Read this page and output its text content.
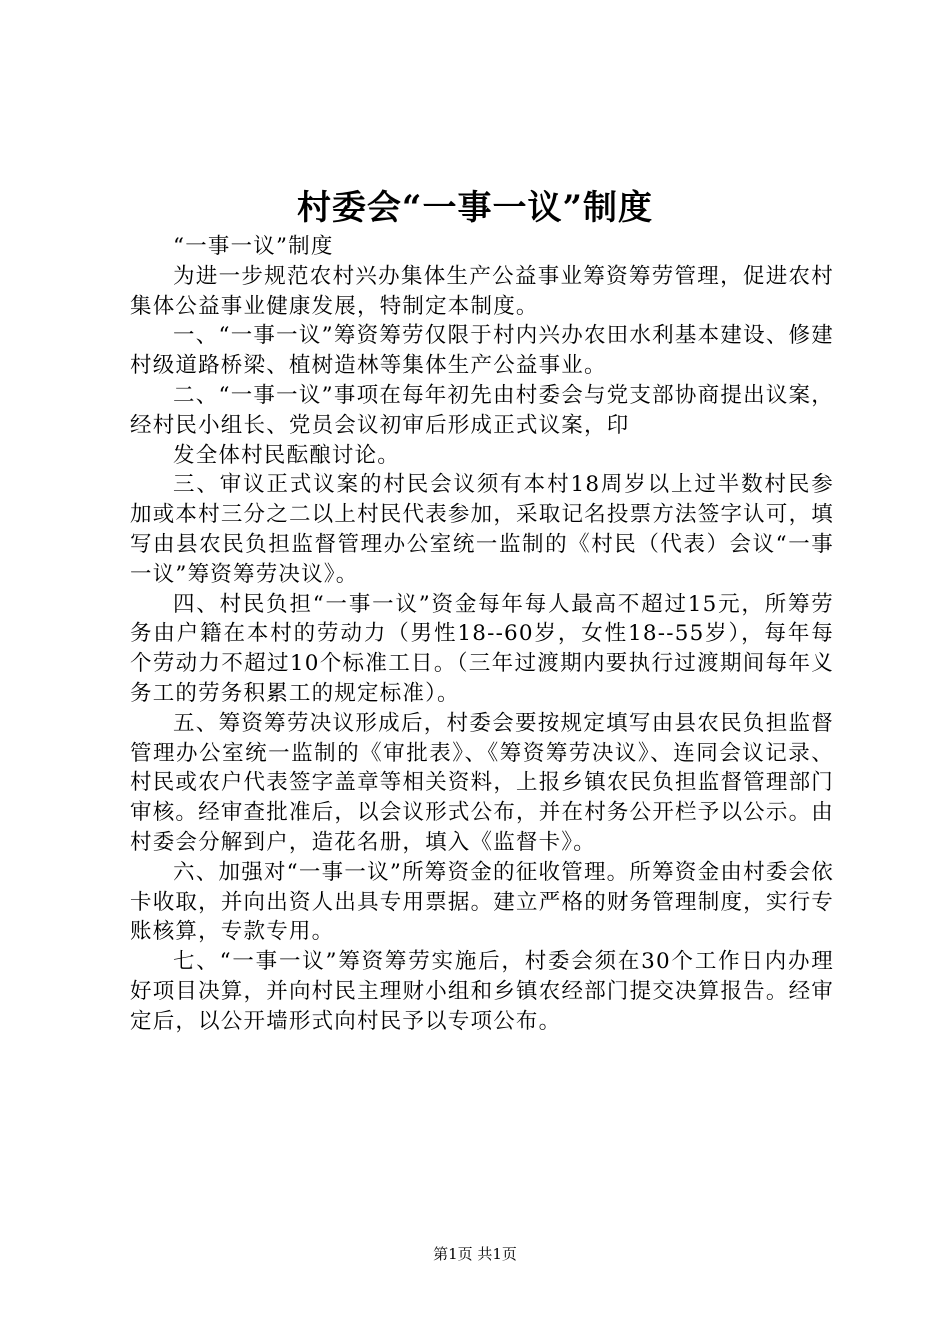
村委会“一事一议”制度

“一事一议”制度

为进一步规范农村兴办集体生产公益事业筹资筹劳管理，促进农村集体公益事业健康发展，特制定本制度。

一、“一事一议”筹资筹劳仅限于村内兴办农田水利基本建设、修建村级道路桥梁、植树造林等集体生产公益事业。

二、“一事一议”事项在每年初先由村委会与党支部协商提出议案，经村民小组长、党员会议初审后形成正式议案，印

发全体村民酝酿讨论。

三、审议正式议案的村民会议须有本村18周岁以上过半数村民参加或本村三分之二以上村民代表参加，采取记名投票方法签字认可，填写由县农民负担监督管理办公室统一监制的《村民（代表）会议“一事一议”筹资筹劳决议》。

四、村民负担“一事一议”资金每年每人最高不超过15元，所筹劳务由户籍在本村的劳动力（男性18--60岁，女性18--55岁），每年每个劳动力不超过10个标准工日。（三年过渡期内要执行过渡期间每年义务工的劳务积累工的规定标准）。

五、筹资筹劳决议形成后，村委会要按规定填写由县农民负担监督管理办公室统一监制的《审批表》、《筹资筹劳决议》、连同会议记录、村民或农户代表签字盖章等相关资料，上报乡镇农民负担监督管理部门审核。经审查批准后，以会议形式公布，并在村务公开栏予以公示。由村委会分解到户，造花名册，填入《监督卡》。

六、加强对“一事一议”所筹资金的征收管理。所筹资金由村委会依卡收取，并向出资人出具专用票据。建立严格的财务管理制度，实行专账核算，专款专用。

七、“一事一议”筹资筹劳实施后，村委会须在30个工作日内办理好项目决算，并向村民主理财小组和乡镇农经部门提交决算报告。经审定后，以公开墙形式向村民予以专项公布。

第1页 共1页
